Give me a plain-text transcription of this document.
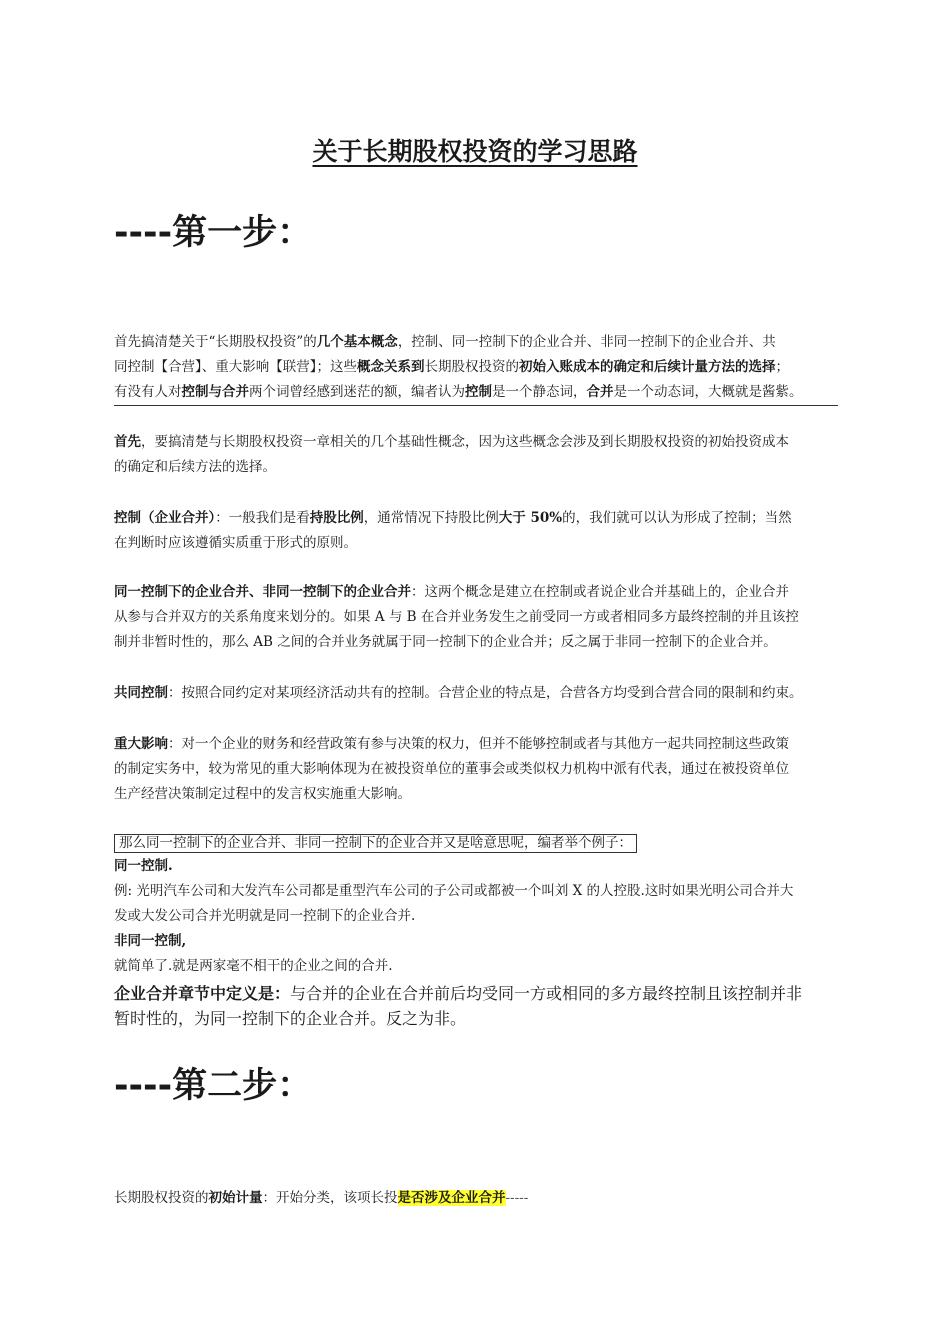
关于长期股权投资的学习思路
----第一步：
首先搞清楚关于“长期股权投资”的几个基本概念，控制、同一控制下的企业合并、非同一控制下的企业合并、共
同控制【合营】、重大影响【联营】；这些概念关系到长期股权投资的初始入账成本的确定和后续计量方法的选择；
有没有人对控制与合并两个词曾经感到迷茫的额，编者认为控制是一个静态词，合并是一个动态词，大概就是酱紫。
首先，要搞清楚与长期股权投资一章相关的几个基础性概念，因为这些概念会涉及到长期股权投资的初始投资成本
的确定和后续方法的选择。
控制（企业合并）：一般我们是看持股比例，通常情况下持股比例大于 50%的，我们就可以认为形成了控制；当然
在判断时应该遵循实质重于形式的原则。
同一控制下的企业合并、非同一控制下的企业合并：这两个概念是建立在控制或者说企业合并基础上的，企业合并
从参与合并双方的关系角度来划分的。如果 A 与 B 在合并业务发生之前受同一方或者相同多方最终控制的并且该控
制并非暂时性的，那么 AB 之间的合并业务就属于同一控制下的企业合并；反之属于非同一控制下的企业合并。
共同控制：按照合同约定对某项经济活动共有的控制。合营企业的特点是，合营各方均受到合营合同的限制和约束。
重大影响：对一个企业的财务和经营政策有参与决策的权力，但并不能够控制或者与其他方一起共同控制这些政策
的制定实务中，较为常见的重大影响体现为在被投资单位的董事会或类似权力机构中派有代表，通过在被投资单位
生产经营决策制定过程中的发言权实施重大影响。
那么同一控制下的企业合并、非同一控制下的企业合并又是啥意思呢，编者举个例子：
同一控制.
例: 光明汽车公司和大发汽车公司都是重型汽车公司的子公司或都被一个叫刘 X 的人控股.这时如果光明公司合并大
发或大发公司合并光明就是同一控制下的企业合并.
非同一控制,
就简单了.就是两家毫不相干的企业之间的合并.
企业合并章节中定义是：与合并的企业在合并前后均受同一方或相同的多方最终控制且该控制并非
暂时性的，为同一控制下的企业合并。反之为非。
----第二步：
长期股权投资的初始计量：开始分类，该项长投是否涉及企业合并-----
